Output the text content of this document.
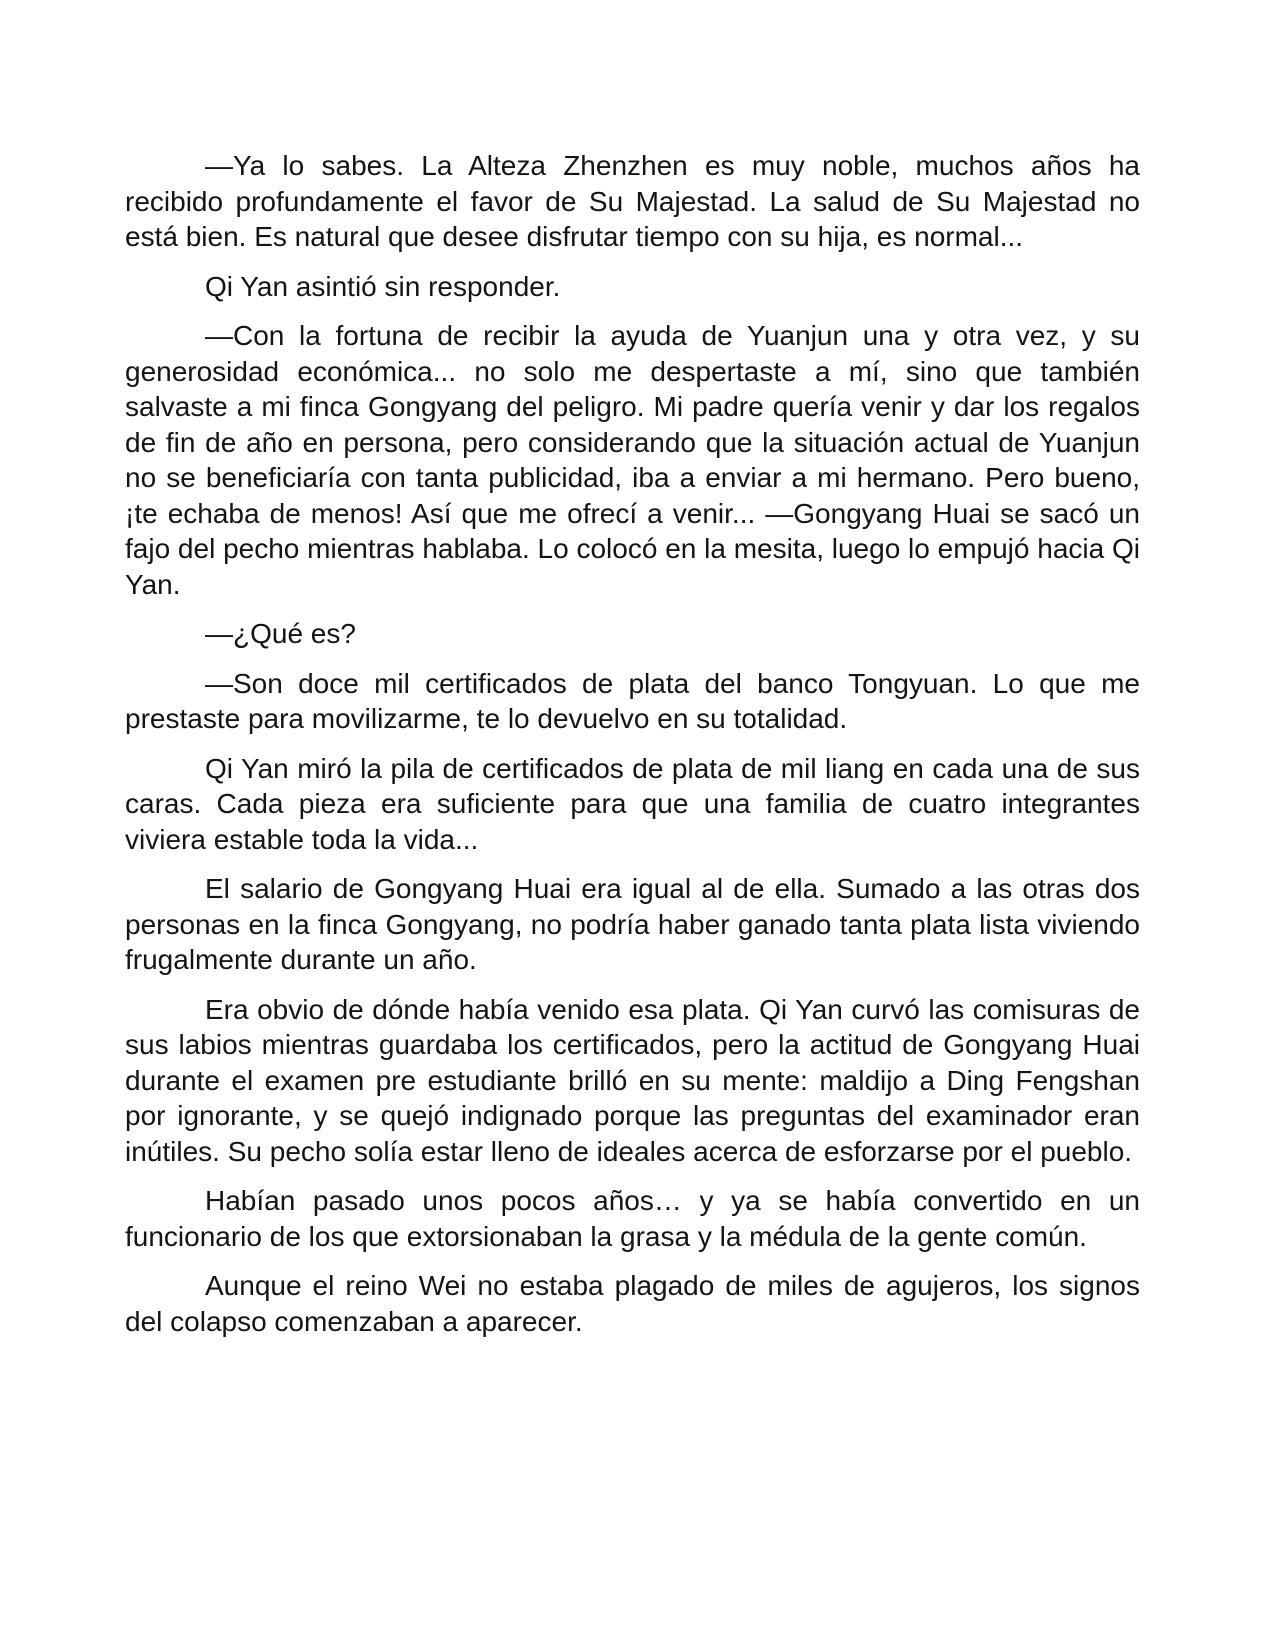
—Ya lo sabes. La Alteza Zhenzhen es muy noble, muchos años ha recibido profundamente el favor de Su Majestad. La salud de Su Majestad no está bien. Es natural que desee disfrutar tiempo con su hija, es normal...

Qi Yan asintió sin responder.

—Con la fortuna de recibir la ayuda de Yuanjun una y otra vez, y su generosidad económica... no solo me despertaste a mí, sino que también salvaste a mi finca Gongyang del peligro. Mi padre quería venir y dar los regalos de fin de año en persona, pero considerando que la situación actual de Yuanjun no se beneficiaría con tanta publicidad, iba a enviar a mi hermano. Pero bueno, ¡te echaba de menos! Así que me ofrecí a venir... —Gongyang Huai se sacó un fajo del pecho mientras hablaba. Lo colocó en la mesita, luego lo empujó hacia Qi Yan.

—¿Qué es?

—Son doce mil certificados de plata del banco Tongyuan. Lo que me prestaste para movilizarme, te lo devuelvo en su totalidad.

Qi Yan miró la pila de certificados de plata de mil liang en cada una de sus caras. Cada pieza era suficiente para que una familia de cuatro integrantes viviera estable toda la vida...

El salario de Gongyang Huai era igual al de ella. Sumado a las otras dos personas en la finca Gongyang, no podría haber ganado tanta plata lista viviendo frugalmente durante un año.

Era obvio de dónde había venido esa plata. Qi Yan curvó las comisuras de sus labios mientras guardaba los certificados, pero la actitud de Gongyang Huai durante el examen pre estudiante brilló en su mente: maldijo a Ding Fengshan por ignorante, y se quejó indignado porque las preguntas del examinador eran inútiles. Su pecho solía estar lleno de ideales acerca de esforzarse por el pueblo.

Habían pasado unos pocos años… y ya se había convertido en un funcionario de los que extorsionaban la grasa y la médula de la gente común.

Aunque el reino Wei no estaba plagado de miles de agujeros, los signos del colapso comenzaban a aparecer.
